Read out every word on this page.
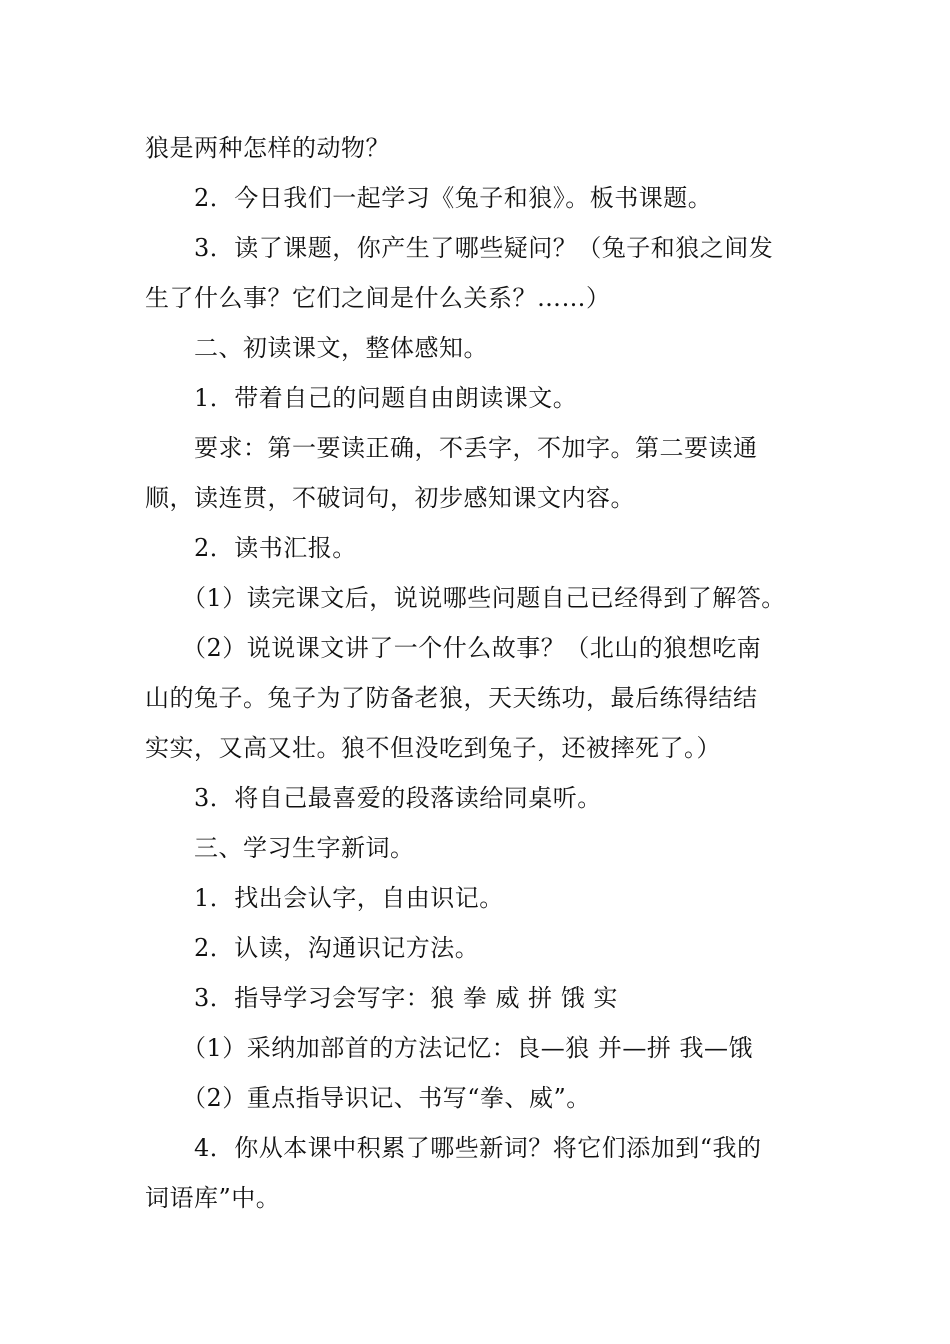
狼是两种怎样的动物？
　　2．今日我们一起学习《兔子和狼》。板书课题。
　　3．读了课题，你产生了哪些疑问？（兔子和狼之间发
生了什么事？它们之间是什么关系？……）
　　二、初读课文，整体感知。
　　1．带着自己的问题自由朗读课文。
　　要求：第一要读正确，不丢字，不加字。第二要读通
顺，读连贯，不破词句，初步感知课文内容。
　　2．读书汇报。
　　（1）读完课文后，说说哪些问题自己已经得到了解答。
　　（2）说说课文讲了一个什么故事？（北山的狼想吃南
山的兔子。兔子为了防备老狼，天天练功，最后练得结结
实实，又高又壮。狼不但没吃到兔子，还被摔死了。）
　　3．将自己最喜爱的段落读给同桌听。
　　三、学习生字新词。
　　1．找出会认字，自由识记。
　　2．认读，沟通识记方法。
　　3．指导学习会写字：狼 拳 威 拼 饿 实
　　（1）采纳加部首的方法记忆：良—狼 并—拼 我—饿
　　（2）重点指导识记、书写“拳、威”。
　　4．你从本课中积累了哪些新词？将它们添加到“我的
词语库”中。
